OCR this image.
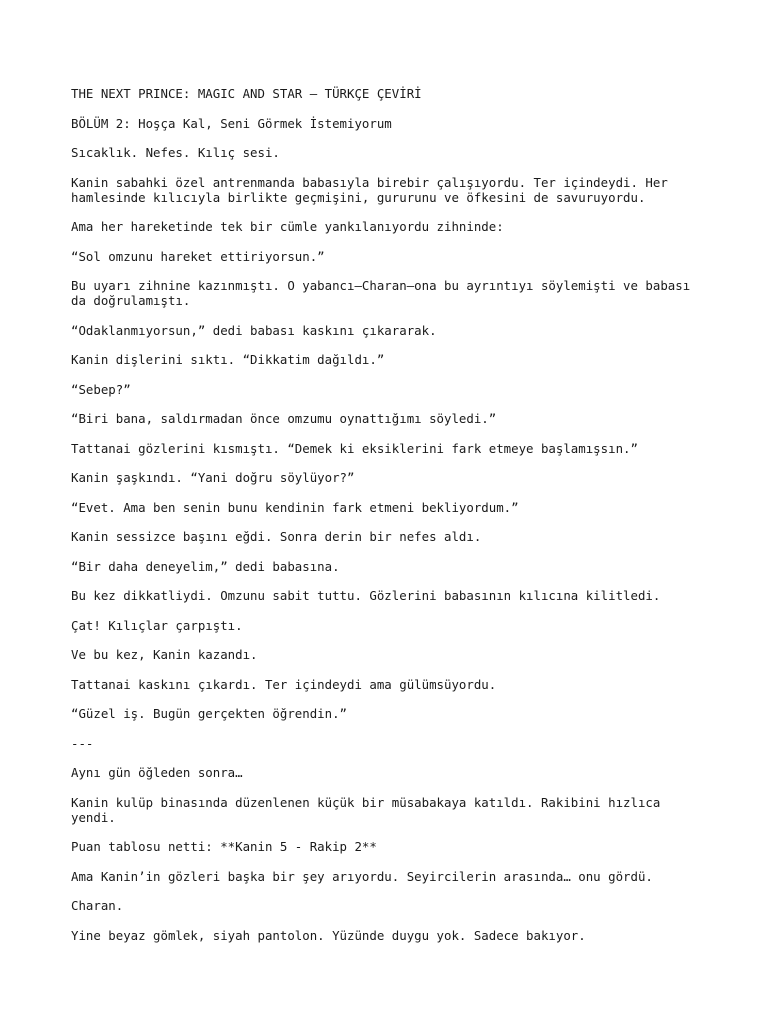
THE NEXT PRINCE: MAGIC AND STAR – TÜRKÇE ÇEVİRİ

BÖLÜM 2: Hoşça Kal, Seni Görmek İstemiyorum

Sıcaklık. Nefes. Kılıç sesi.

Kanin sabahki özel antrenmanda babasıyla birebir çalışıyordu. Ter içindeydi. Her
hamlesinde kılıcıyla birlikte geçmişini, gururunu ve öfkesini de savuruyordu.

Ama her hareketinde tek bir cümle yankılanıyordu zihninde:

“Sol omzunu hareket ettiriyorsun.”

Bu uyarı zihnine kazınmıştı. O yabancı—Charan—ona bu ayrıntıyı söylemişti ve babası
da doğrulamıştı.

“Odaklanmıyorsun,” dedi babası kaskını çıkararak.

Kanin dişlerini sıktı. “Dikkatim dağıldı.”

“Sebep?”

“Biri bana, saldırmadan önce omzumu oynattığımı söyledi.”

Tattanai gözlerini kısmıştı. “Demek ki eksiklerini fark etmeye başlamışsın.”

Kanin şaşkındı. “Yani doğru söylüyor?”

“Evet. Ama ben senin bunu kendinin fark etmeni bekliyordum.”

Kanin sessizce başını eğdi. Sonra derin bir nefes aldı.

“Bir daha deneyelim,” dedi babasına.

Bu kez dikkatliydi. Omzunu sabit tuttu. Gözlerini babasının kılıcına kilitledi.

Çat! Kılıçlar çarpıştı.

Ve bu kez, Kanin kazandı.

Tattanai kaskını çıkardı. Ter içindeydi ama gülümsüyordu.

“Güzel iş. Bugün gerçekten öğrendin.”

---

Aynı gün öğleden sonra…

Kanin kulüp binasında düzenlenen küçük bir müsabakaya katıldı. Rakibini hızlıca
yendi.

Puan tablosu netti: **Kanin 5 - Rakip 2**

Ama Kanin’in gözleri başka bir şey arıyordu. Seyircilerin arasında… onu gördü.

Charan.

Yine beyaz gömlek, siyah pantolon. Yüzünde duygu yok. Sadece bakıyor.
